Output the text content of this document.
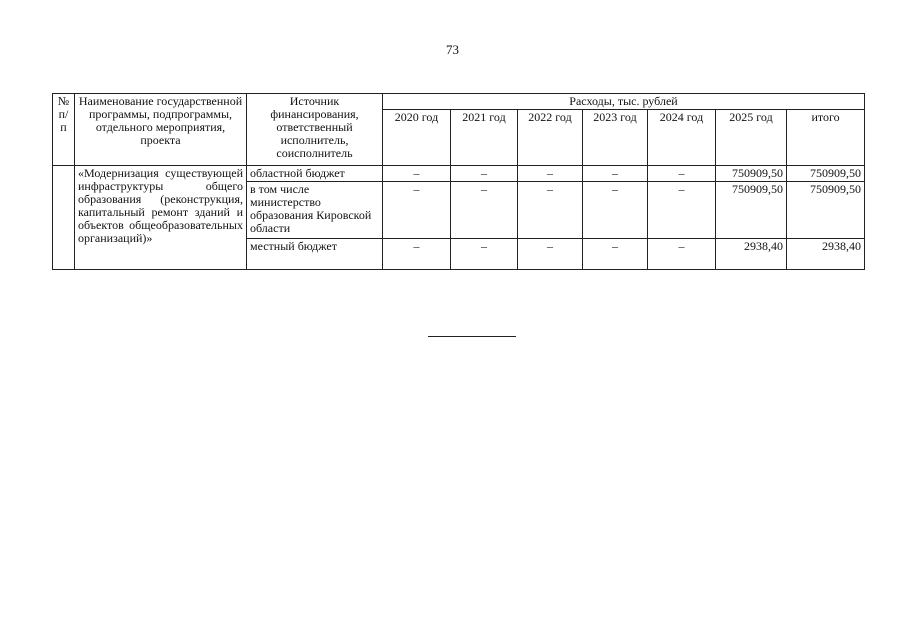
73
№ п/п	Наименование государственной программы, подпрограммы, отдельного мероприятия, проекта	Источник финансирования, ответственный исполнитель, соисполнитель	Расходы, тыс. рублей						
			2020 год	2021 год	2022 год	2023 год	2024 год	2025 год	итого
	«Модернизация существующей инфраструктуры общего образования (реконструкция, капитальный ремонт зданий и объектов общеобразовательных организаций)»	областной бюджет	–	–	–	–	–	750909,50	750909,50
		в том числе министерство образования Кировской области	–	–	–	–	–	750909,50	750909,50
		местный бюджет	–	–	–	–	–	2938,40	2938,40
